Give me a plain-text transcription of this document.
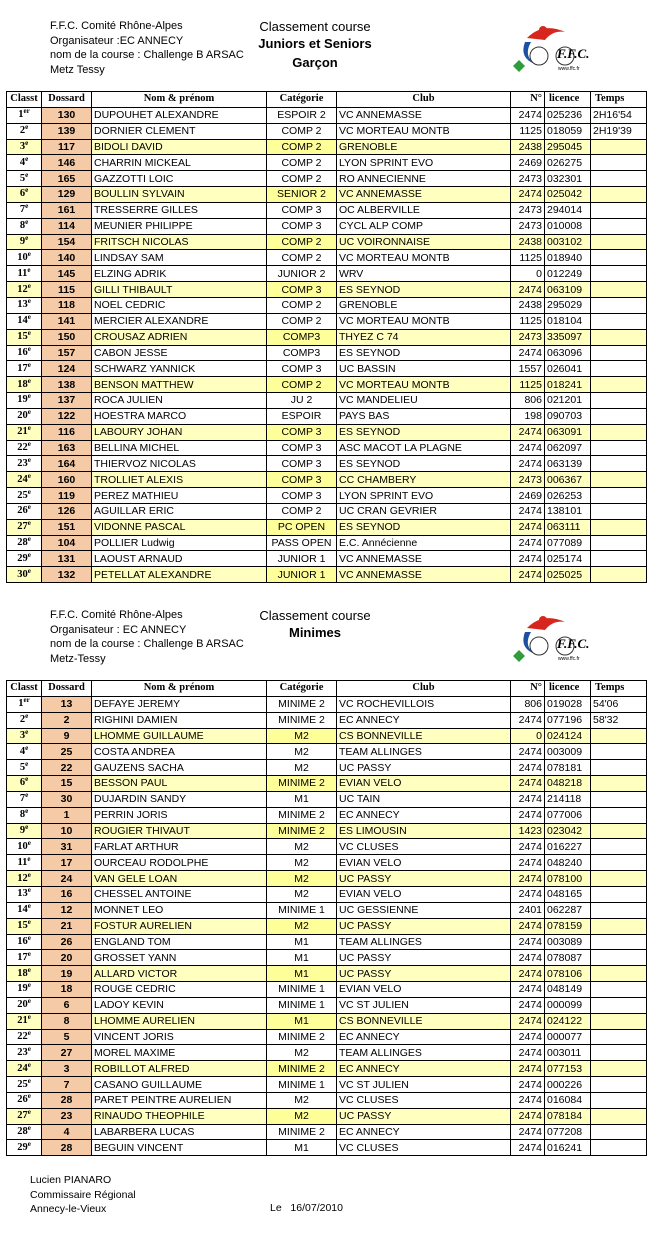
F.F.C. Comité Rhône-Alpes
Organisateur :EC ANNECY
nom de la course : Challenge B ARSAC
Metz Tessy
Classement course
Juniors et Seniors
Garçon
F.F.C.
www.ffc.fr
Classt	Dossard	Nom & prénom	Catégorie	Club	N°	licence	Temps
1er	130	DUPOUHET ALEXANDRE	ESPOIR 2	VC ANNEMASSE	2474	025236	2H16'54
2e	139	DORNIER CLEMENT	COMP 2	VC MORTEAU MONTB	1125	018059	2H19'39
3e	117	BIDOLI DAVID	COMP 2	GRENOBLE	2438	295045	
4e	146	CHARRIN MICKEAL	COMP 2	LYON SPRINT EVO	2469	026275	
5e	165	GAZZOTTI LOIC	COMP 2	RO ANNECIENNE	2473	032301	
6e	129	BOULLIN SYLVAIN	SENIOR 2	VC ANNEMASSE	2474	025042	
7e	161	TRESSERRE GILLES	COMP 3	OC ALBERVILLE	2473	294014	
8e	114	MEUNIER PHILIPPE	COMP 3	CYCL ALP COMP	2473	010008	
9e	154	FRITSCH NICOLAS	COMP 2	UC VOIRONNAISE	2438	003102	
10e	140	LINDSAY SAM	COMP 2	VC MORTEAU MONTB	1125	018940	
11e	145	ELZING ADRIK	JUNIOR 2	WRV	0	012249	
12e	115	GILLI THIBAULT	COMP 3	ES SEYNOD	2474	063109	
13e	118	NOEL CEDRIC	COMP 2	GRENOBLE	2438	295029	
14e	141	MERCIER ALEXANDRE	COMP 2	VC MORTEAU MONTB	1125	018104	
15e	150	CROUSAZ ADRIEN	COMP3	THYEZ C 74	2473	335097	
16e	157	CABON JESSE	COMP3	ES SEYNOD	2474	063096	
17e	124	SCHWARZ YANNICK	COMP 3	UC BASSIN	1557	026041	
18e	138	BENSON MATTHEW	COMP 2	VC MORTEAU MONTB	1125	018241	
19e	137	ROCA JULIEN	JU 2	VC MANDELIEU	806	021201	
20e	122	HOESTRA MARCO	ESPOIR	PAYS BAS	198	090703	
21e	116	LABOURY JOHAN	COMP 3	ES SEYNOD	2474	063091	
22e	163	BELLINA MICHEL	COMP 3	ASC MACOT LA PLAGNE	2474	062097	
23e	164	THIERVOZ NICOLAS	COMP 3	ES SEYNOD	2474	063139	
24e	160	TROLLIET ALEXIS	COMP 3	CC CHAMBERY	2473	006367	
25e	119	PEREZ MATHIEU	COMP 3	LYON SPRINT EVO	2469	026253	
26e	126	AGUILLAR ERIC	COMP 2	UC CRAN GEVRIER	2474	138101	
27e	151	VIDONNE PASCAL	PC OPEN	ES SEYNOD	2474	063111	
28e	104	POLLIER Ludwig	PASS OPEN	E.C. Annécienne	2474	077089	
29e	131	LAOUST ARNAUD	JUNIOR 1	VC ANNEMASSE	2474	025174	
30e	132	PETELLAT ALEXANDRE	JUNIOR 1	VC ANNEMASSE	2474	025025	
F.F.C. Comité Rhône-Alpes
Organisateur : EC ANNECY
nom de la course : Challenge B ARSAC
Metz-Tessy
Classement course
Minimes
F.F.C.
www.ffc.fr
Classt	Dossard	Nom & prénom	Catégorie	Club	N°	licence	Temps
1er	13	DEFAYE JEREMY	MINIME 2	VC ROCHEVILLOIS	806	019028	54'06
2e	2	RIGHINI DAMIEN	MINIME 2	EC ANNECY	2474	077196	58'32
3e	9	LHOMME GUILLAUME	M2	CS BONNEVILLE	0	024124	
4e	25	COSTA ANDREA	M2	TEAM ALLINGES	2474	003009	
5e	22	GAUZENS SACHA	M2	UC PASSY	2474	078181	
6e	15	BESSON PAUL	MINIME 2	EVIAN VELO	2474	048218	
7e	30	DUJARDIN SANDY	M1	UC TAIN	2474	214118	
8e	1	PERRIN JORIS	MINIME 2	EC ANNECY	2474	077006	
9e	10	ROUGIER THIVAUT	MINIME 2	ES LIMOUSIN	1423	023042	
10e	31	FARLAT ARTHUR	M2	VC CLUSES	2474	016227	
11e	17	OURCEAU RODOLPHE	M2	EVIAN VELO	2474	048240	
12e	24	VAN GELE LOAN	M2	UC PASSY	2474	078100	
13e	16	CHESSEL ANTOINE	M2	EVIAN VELO	2474	048165	
14e	12	MONNET LEO	MINIME 1	UC GESSIENNE	2401	062287	
15e	21	FOSTUR AURELIEN	M2	UC PASSY	2474	078159	
16e	26	ENGLAND TOM	M1	TEAM ALLINGES	2474	003089	
17e	20	GROSSET YANN	M1	UC PASSY	2474	078087	
18e	19	ALLARD VICTOR	M1	UC PASSY	2474	078106	
19e	18	ROUGE CEDRIC	MINIME 1	EVIAN VELO	2474	048149	
20e	6	LADOY KEVIN	MINIME 1	VC ST JULIEN	2474	000099	
21e	8	LHOMME AURELIEN	M1	CS BONNEVILLE	2474	024122	
22e	5	VINCENT JORIS	MINIME 2	EC ANNECY	2474	000077	
23e	27	MOREL MAXIME	M2	TEAM ALLINGES	2474	003011	
24e	3	ROBILLOT ALFRED	MINIME 2	EC ANNECY	2474	077153	
25e	7	CASANO GUILLAUME	MINIME 1	VC ST JULIEN	2474	000226	
26e	28	PARET PEINTRE AURELIEN	M2	VC CLUSES	2474	016084	
27e	23	RINAUDO THEOPHILE	M2	UC PASSY	2474	078184	
28e	4	LABARBERA LUCAS	MINIME 2	EC ANNECY	2474	077208	
29e	28	BEGUIN VINCENT	M1	VC CLUSES	2474	016241	
Lucien PIANARO
Commissaire Régional
Annecy-le-Vieux	Le   16/07/2010
